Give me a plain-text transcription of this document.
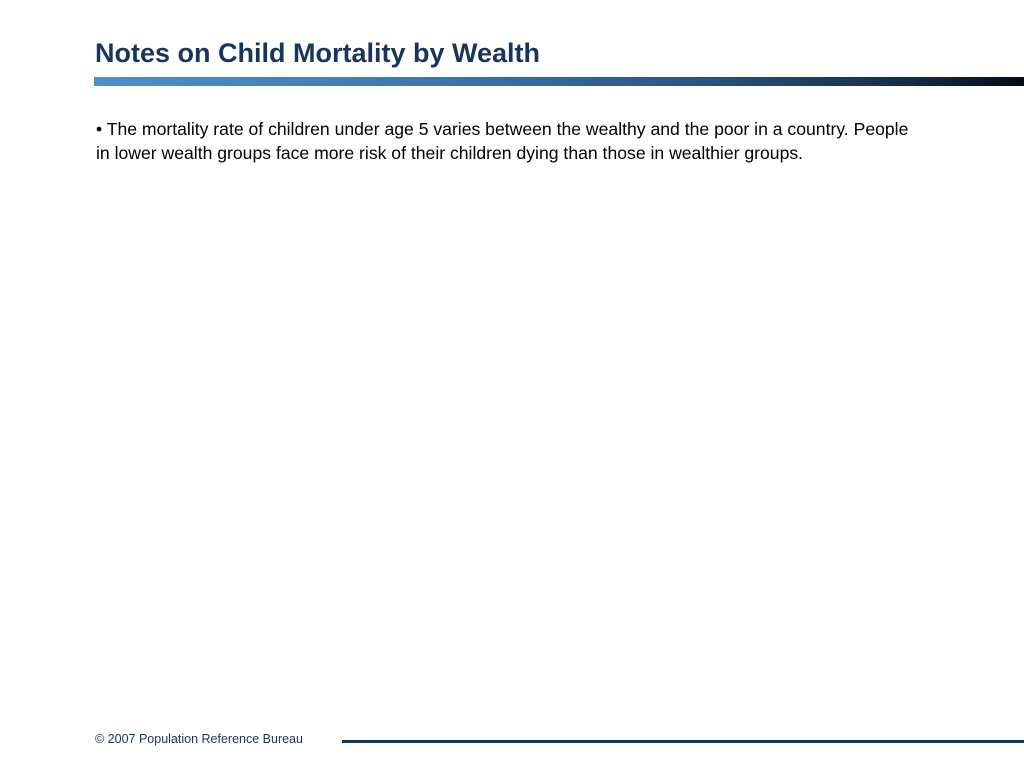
Notes on Child Mortality by Wealth

• The mortality rate of children under age 5 varies between the wealthy and the poor in a country. People in lower wealth groups face more risk of their children dying than those in wealthier groups.

© 2007 Population Reference Bureau
